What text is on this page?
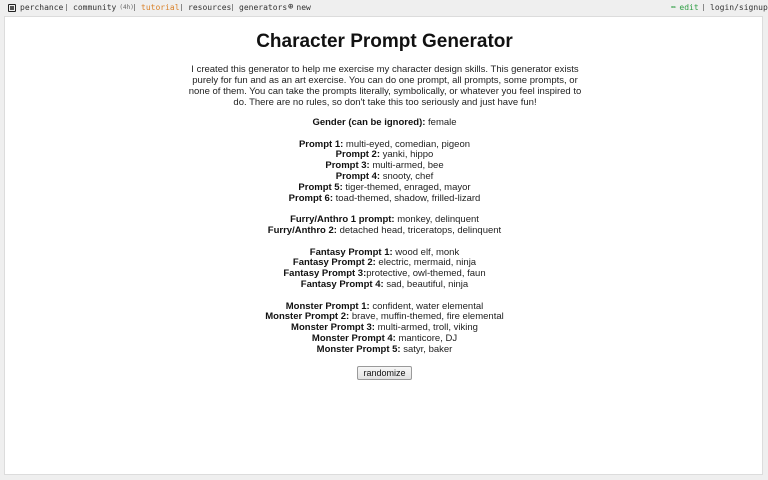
perchance community (4h) tutorial resources generators ⊕ new	✏ edit login/signup
Character Prompt Generator
I created this generator to help me exercise my character design skills. This generator exists purely for fun and as an art exercise. You can do one prompt, all prompts, some prompts, or none of them. You can take the prompts literally, symbolically, or whatever you feel inspired to do. There are no rules, so don't take this too seriously and just have fun!
Gender (can be ignored): female
Prompt 1: multi-eyed, comedian, pigeon
Prompt 2: yanki, hippo
Prompt 3: multi-armed, bee
Prompt 4: snooty, chef
Prompt 5: tiger-themed, enraged, mayor
Prompt 6: toad-themed, shadow, frilled-lizard
Furry/Anthro 1 prompt: monkey, delinquent
Furry/Anthro 2: detached head, triceratops, delinquent
Fantasy Prompt 1: wood elf, monk
Fantasy Prompt 2: electric, mermaid, ninja
Fantasy Prompt 3:protective, owl-themed, faun
Fantasy Prompt 4: sad, beautiful, ninja
Monster Prompt 1: confident, water elemental
Monster Prompt 2: brave, muffin-themed, fire elemental
Monster Prompt 3: multi-armed, troll, viking
Monster Prompt 4: manticore, DJ
Monster Prompt 5: satyr, baker
randomize
